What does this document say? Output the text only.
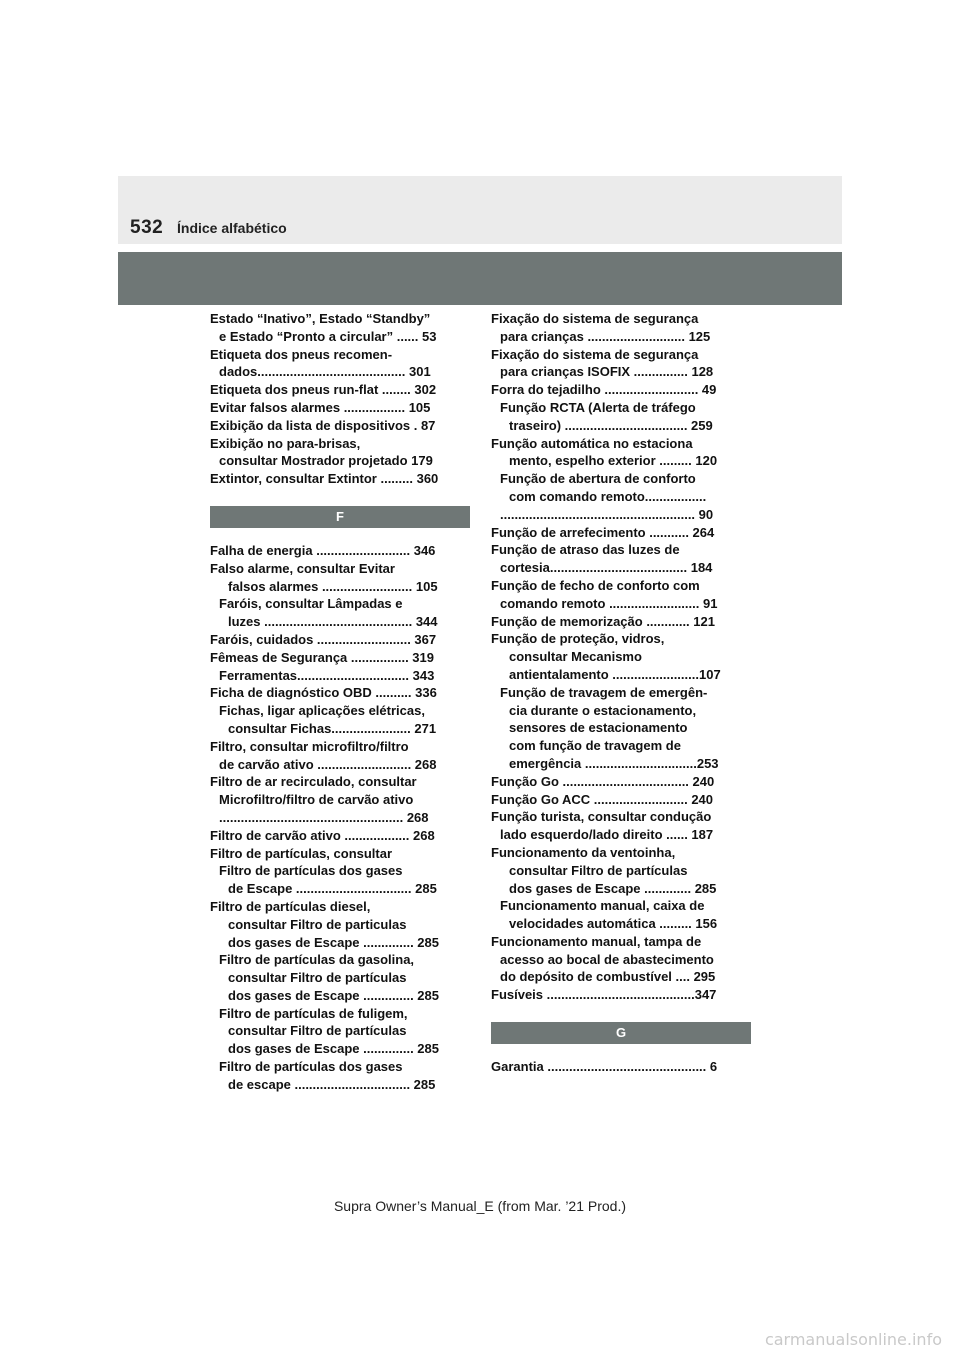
532 Índice alfabético
Estado “Inativo”, Estado “Standby”
e Estado “Pronto a circular” ...... 53
Etiqueta dos pneus recomen-
dados......................................... 301
Etiqueta dos pneus run-flat ........ 302
Evitar falsos alarmes ................. 105
Exibição da lista de dispositivos . 87
Exibição no para-brisas,
consultar Mostrador projetado 179
Extintor, consultar Extintor ......... 360
F
Falha de energia .......................... 346
Falso alarme, consultar Evitar
falsos alarmes ......................... 105
Faróis, consultar Lâmpadas e
luzes ......................................... 344
Faróis, cuidados .......................... 367
Fêmeas de Segurança ................ 319
Ferramentas............................... 343
Ficha de diagnóstico OBD .......... 336
Fichas, ligar aplicações elétricas,
consultar Fichas...................... 271
Filtro, consultar microfiltro/filtro
de carvão ativo .......................... 268
Filtro de ar recirculado, consultar
Microfiltro/filtro de carvão ativo
................................................... 268
Filtro de carvão ativo .................. 268
Filtro de partículas, consultar
Filtro de partículas dos gases
de Escape ................................ 285
Filtro de partículas diesel,
consultar Filtro de particulas
dos gases de Escape .............. 285
Filtro de partículas da gasolina,
consultar Filtro de partículas
dos gases de Escape .............. 285
Filtro de partículas de fuligem,
consultar Filtro de partículas
dos gases de Escape .............. 285
Filtro de partículas dos gases
de escape ................................ 285
Fixação do sistema de segurança
para crianças ........................... 125
Fixação do sistema de segurança
para crianças ISOFIX ............... 128
Forra do tejadilho .......................... 49
Função RCTA (Alerta de tráfego
traseiro) .................................. 259
Função automática no estaciona
mento, espelho exterior ......... 120
Função de abertura de conforto
com comando remoto.................
...................................................... 90
Função de arrefecimento ........... 264
Função de atraso das luzes de
cortesia...................................... 184
Função de fecho de conforto com
comando remoto ......................... 91
Função de memorização ............ 121
Função de proteção, vidros,
consultar Mecanismo
antientalamento ........................107
Função de travagem de emergên-
cia durante o estacionamento,
sensores de estacionamento
com função de travagem de
emergência ...............................253
Função Go ................................... 240
Função Go ACC .......................... 240
Função turista, consultar condução
lado esquerdo/lado direito ...... 187
Funcionamento da ventoinha,
consultar Filtro de partículas
dos gases de Escape ............. 285
Funcionamento manual, caixa de
velocidades automática ......... 156
Funcionamento manual, tampa de
acesso ao bocal de abastecimento
do depósito de combustível .... 295
Fusíveis .........................................347
G
Garantia ............................................ 6
Supra Owner’s Manual_E (from Mar. ’21 Prod.)
carmanualsonline.info
